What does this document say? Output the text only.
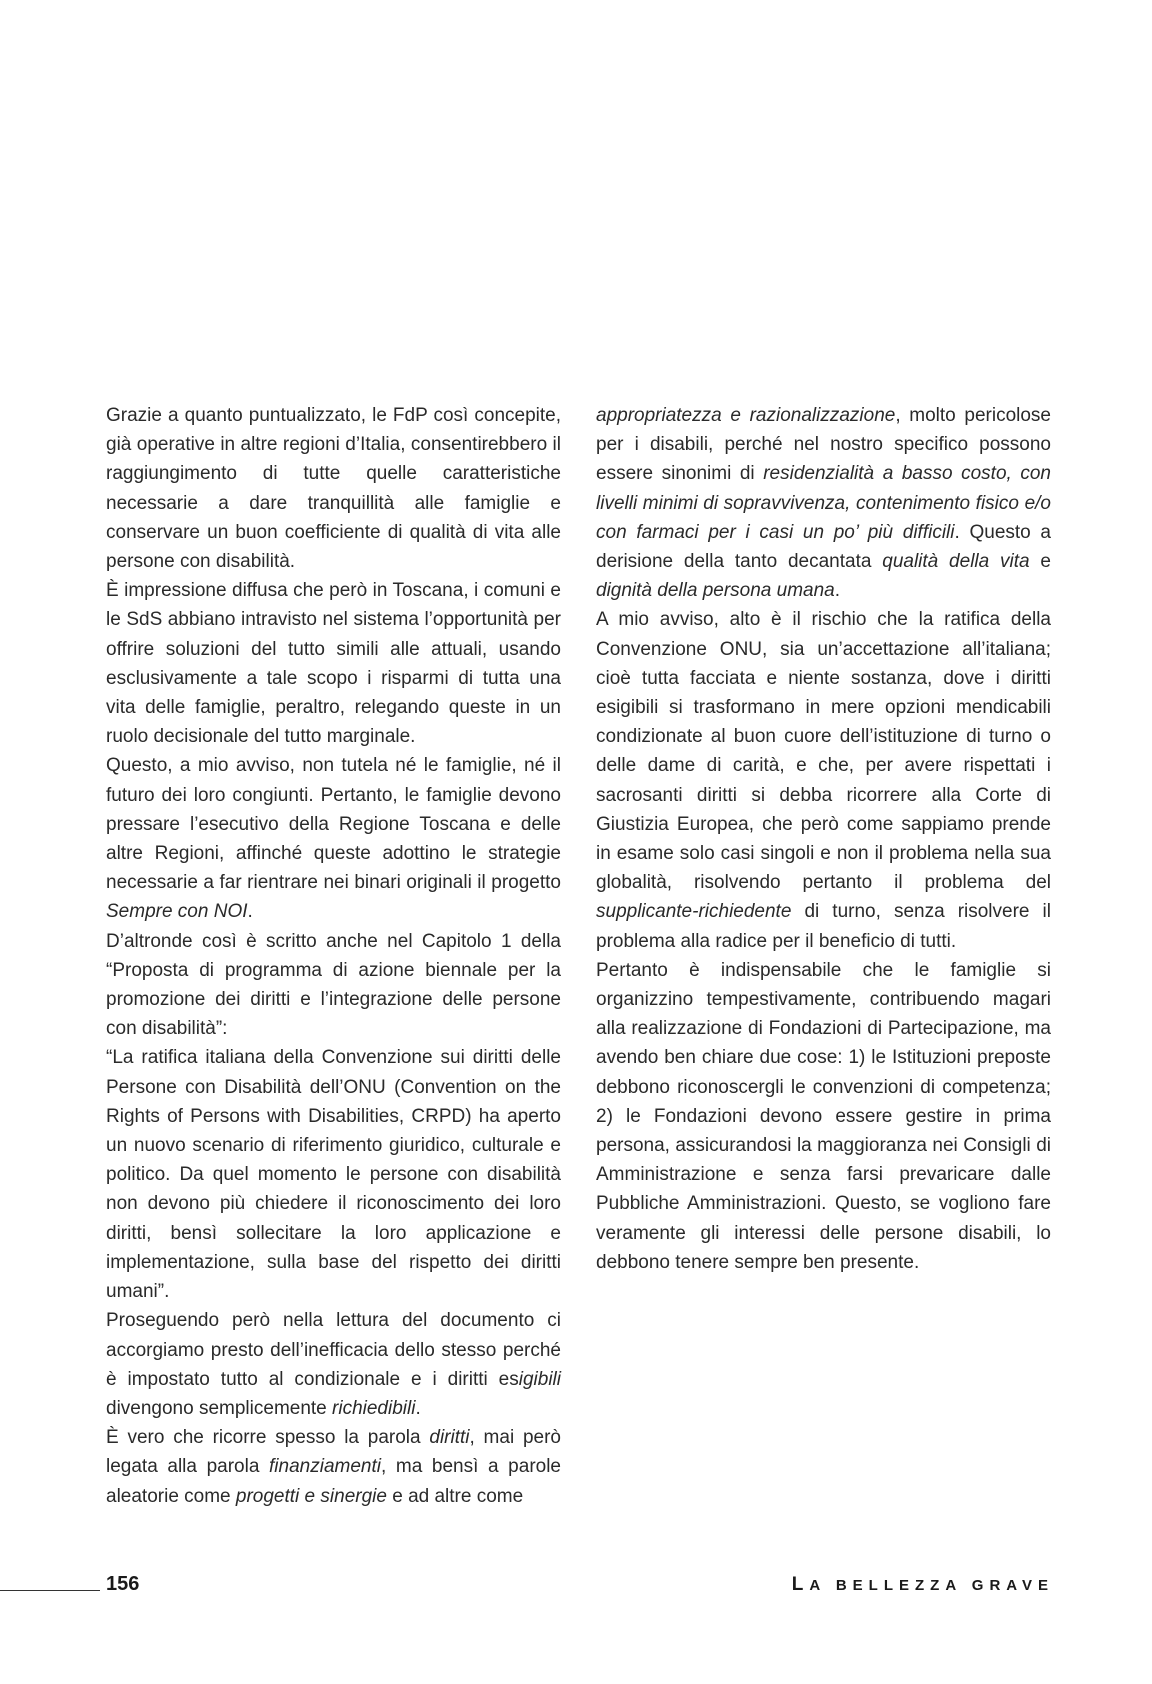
Grazie a quanto puntualizzato, le FdP così concepite, già operative in altre regioni d’Italia, consentirebbero il raggiungimento di tutte quelle caratteristiche necessarie a dare tranquillità alle famiglie e conservare un buon coefficiente di qualità di vita alle persone con disabilità.

È impressione diffusa che però in Toscana, i comuni e le SdS abbiano intravisto nel sistema l’opportunità per offrire soluzioni del tutto simili alle attuali, usando esclusivamente a tale scopo i risparmi di tutta una vita delle famiglie, peraltro, relegando queste in un ruolo decisionale del tutto marginale.

Questo, a mio avviso, non tutela né le famiglie, né il futuro dei loro congiunti. Pertanto, le famiglie devono pressare l’esecutivo della Regione Toscana e delle altre Regioni, affinché queste adottino le strategie necessarie a far rientrare nei binari originali il progetto Sempre con NOI.

D’altronde così è scritto anche nel Capitolo 1 della “Proposta di programma di azione biennale per la promozione dei diritti e l’integrazione delle persone con disabilità”:

“La ratifica italiana della Convenzione sui diritti delle Persone con Disabilità dell’ONU (Convention on the Rights of Persons with Disabilities, CRPD) ha aperto un nuovo scenario di riferimento giuridico, culturale e politico. Da quel momento le persone con disabilità non devono più chiedere il riconoscimento dei loro diritti, bensì sollecitare la loro applicazione e implementazione, sulla base del rispetto dei diritti umani”.

Proseguendo però nella lettura del documento ci accorgiamo presto dell’inefficacia dello stesso perché è impostato tutto al condizionale e i diritti esigibili divengono semplicemente richiedibili.

È vero che ricorre spesso la parola diritti, mai però legata alla parola finanziamenti, ma bensì a parole aleatorie come progetti e sinergie e ad altre come

appropriatezza e razionalizzazione, molto pericolose per i disabili, perché nel nostro specifico possono essere sinonimi di residenzialità a basso costo, con livelli minimi di sopravvivenza, contenimento fisico e/o con farmaci per i casi un po’ più difficili. Questo a derisione della tanto decantata qualità della vita e dignità della persona umana.

A mio avviso, alto è il rischio che la ratifica della Convenzione ONU, sia un’accettazione all’italiana; cioè tutta facciata e niente sostanza, dove i diritti esigibili si trasformano in mere opzioni mendicabili condizionate al buon cuore dell’istituzione di turno o delle dame di carità, e che, per avere rispettati i sacrosanti diritti si debba ricorrere alla Corte di Giustizia Europea, che però come sappiamo prende in esame solo casi singoli e non il problema nella sua globalità, risolvendo pertanto il problema del supplicante-richiedente di turno, senza risolvere il problema alla radice per il beneficio di tutti.

Pertanto è indispensabile che le famiglie si organizzino tempestivamente, contribuendo magari alla realizzazione di Fondazioni di Partecipazione, ma avendo ben chiare due cose: 1) le Istituzioni preposte debbono riconoscergli le convenzioni di competenza; 2) le Fondazioni devono essere gestire in prima persona, assicurandosi la maggioranza nei Consigli di Amministrazione e senza farsi prevaricare dalle Pubbliche Amministrazioni. Questo, se vogliono fare veramente gli interessi delle persone disabili, lo debbono tenere sempre ben presente.

156	LA BELLEZZA GRAVE
